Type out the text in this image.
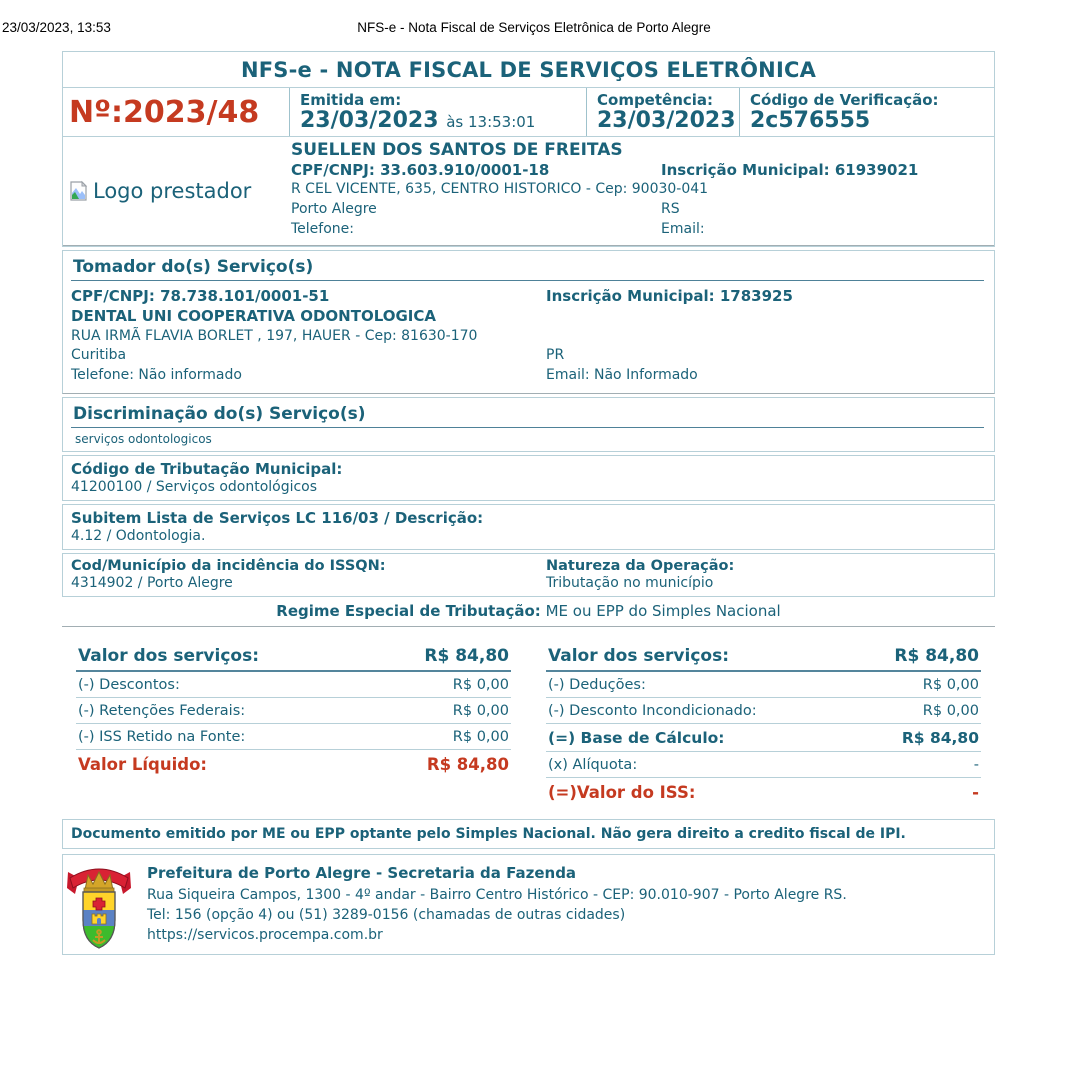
23/03/2023, 13:53	NFS-e - Nota Fiscal de Serviços Eletrônica de Porto Alegre
NFS-e - NOTA FISCAL DE SERVIÇOS ELETRÔNICA
Nº:2023/48	Emitida em:
23/03/2023 às 13:53:01
Competência:
23/03/2023
Código de Verificação:
2c576555
Logo prestador
SUELLEN DOS SANTOS DE FREITAS
CPF/CNPJ: 33.603.910/0001-18	Inscrição Municipal: 61939021
R CEL VICENTE, 635, CENTRO HISTORICO - Cep: 90030-041
Porto Alegre	RS
Telefone:	Email:
Tomador do(s) Serviço(s)
CPF/CNPJ: 78.738.101/0001-51	Inscrição Municipal: 1783925
DENTAL UNI COOPERATIVA ODONTOLOGICA
RUA IRMÃ FLAVIA BORLET , 197, HAUER - Cep: 81630-170
Curitiba	PR
Telefone: Não informado	Email: Não Informado
Discriminação do(s) Serviço(s)
serviços odontologicos
Código de Tributação Municipal:
41200100 / Serviços odontológicos
Subitem Lista de Serviços LC 116/03 / Descrição:
4.12 / Odontologia.
Cod/Município da incidência do ISSQN:
4314902 / Porto Alegre
Natureza da Operação:
Tributação no município
Regime Especial de Tributação: ME ou EPP do Simples Nacional
Valor dos serviços:	R$ 84,80
(-) Descontos:	R$ 0,00
(-) Retenções Federais:	R$ 0,00
(-) ISS Retido na Fonte:	R$ 0,00
Valor Líquido:	R$ 84,80
Valor dos serviços:	R$ 84,80
(-) Deduções:	R$ 0,00
(-) Desconto Incondicionado:	R$ 0,00
(=) Base de Cálculo:	R$ 84,80
(x) Alíquota:	-
(=)Valor do ISS:	-
Documento emitido por ME ou EPP optante pelo Simples Nacional. Não gera direito a credito fiscal de IPI.
Prefeitura de Porto Alegre - Secretaria da Fazenda
Rua Siqueira Campos, 1300 - 4º andar - Bairro Centro Histórico - CEP: 90.010-907 - Porto Alegre RS.
Tel: 156 (opção 4) ou (51) 3289-0156 (chamadas de outras cidades)
https://servicos.procempa.com.br
